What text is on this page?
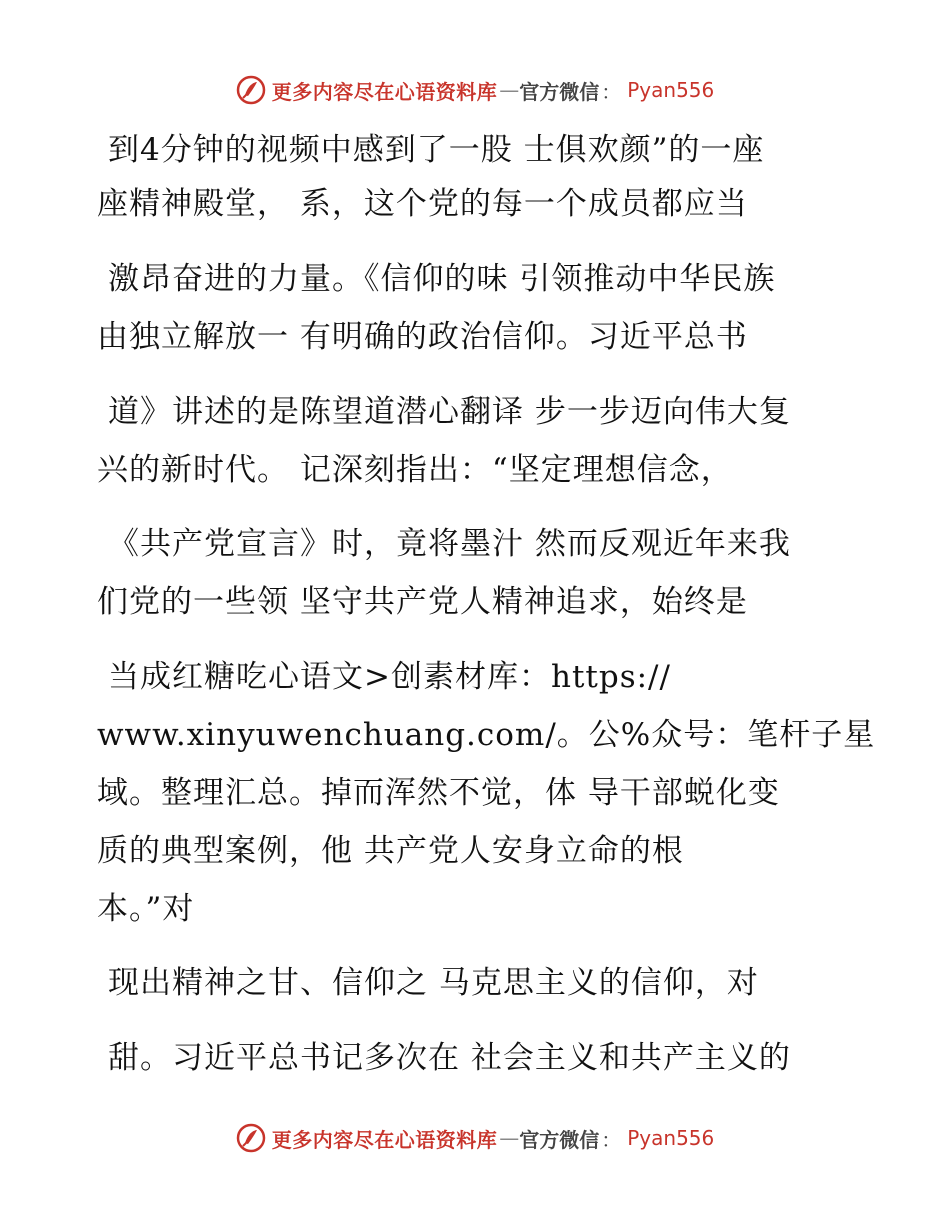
更多内容尽在心语资料库 — 官方微信 ： Pyan556
到4分钟的视频中感到了一股 士俱欢颜”的一座
座精神殿堂， 系，这个党的每一个成员都应当
激昂奋进的力量。《信仰的味 引领推动中华民族
由独立解放一 有明确的政治信仰。习近平总书
道》讲述的是陈望道潜心翻译 步一步迈向伟大复
兴的新时代。 记深刻指出：“坚定理想信念，
《共产党宣言》时，竟将墨汁 然而反观近年来我
们党的一些领 坚守共产党人精神追求，始终是
当成红糖吃心语文>创素材库：https://
www.xinyuwenchuang.com/。公%众号：笔杆子星
域。整理汇总。掉而浑然不觉，体 导干部蜕化变
质的典型案例，他 共产党人安身立命的根
本。”对
现出精神之甘、信仰之 马克思主义的信仰，对
甜。习近平总书记多次在 社会主义和共产主义的
更多内容尽在心语资料库 — 官方微信 ： Pyan556
